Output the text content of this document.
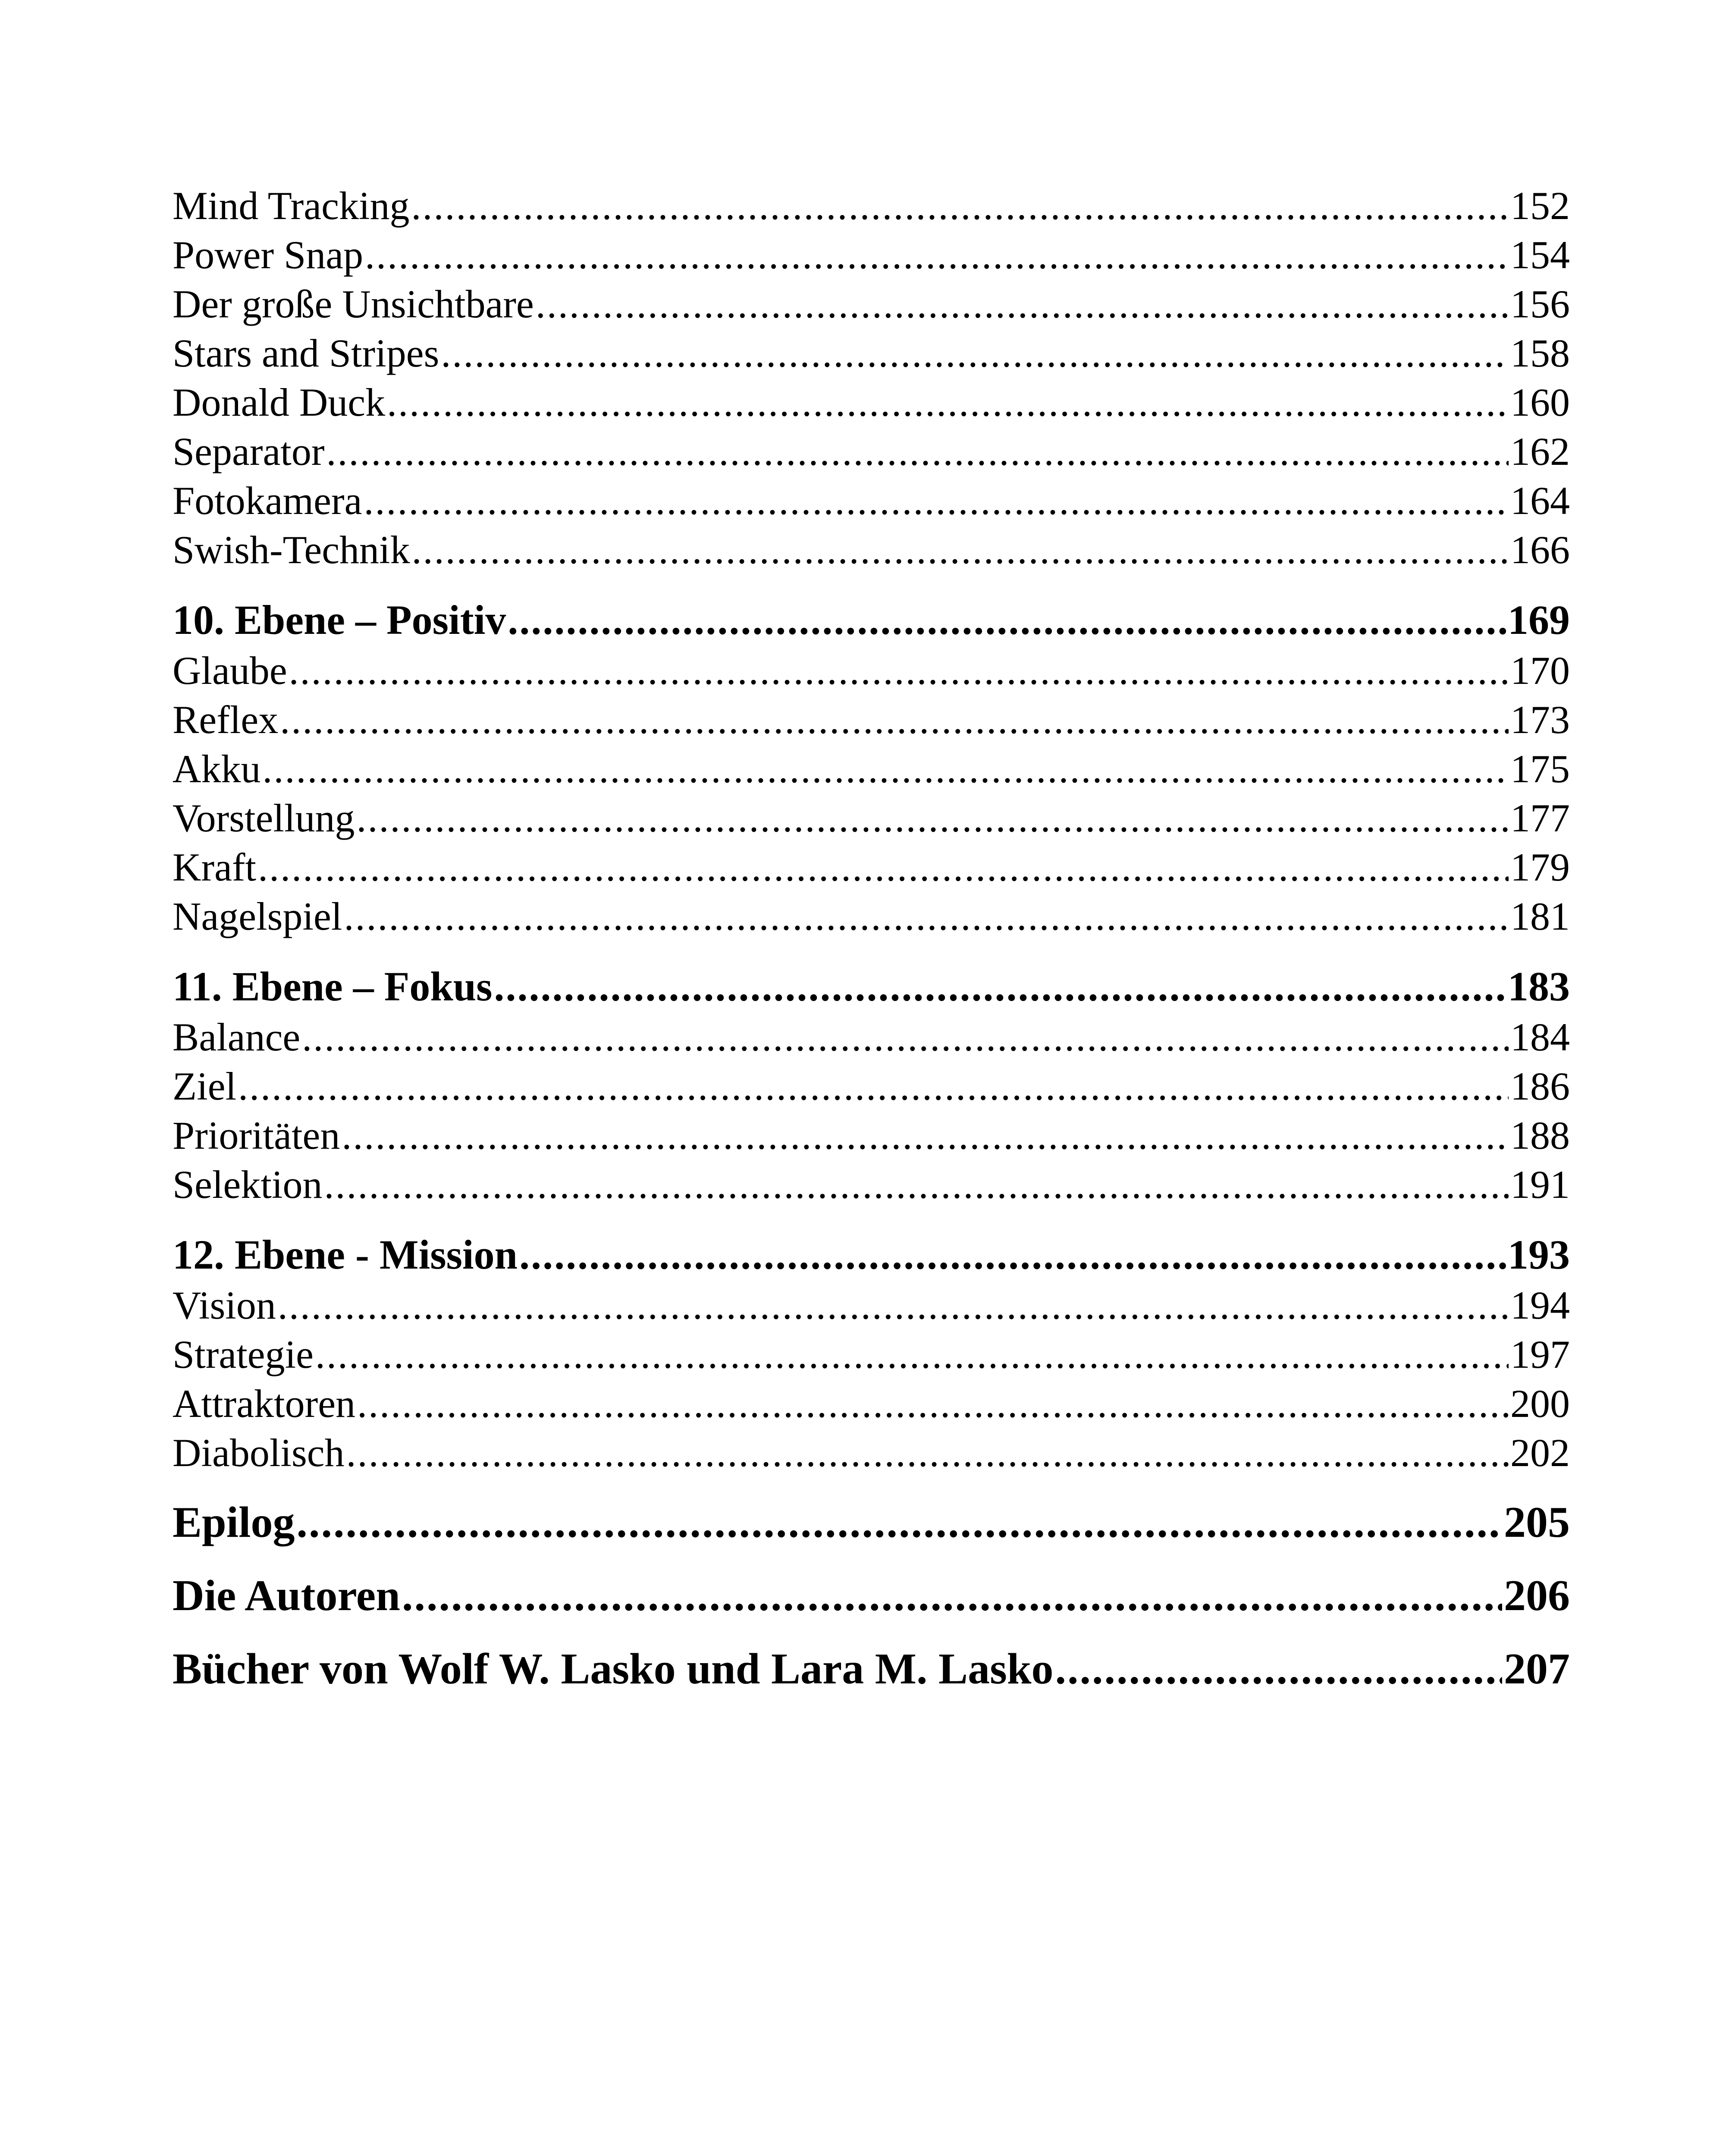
Mind Tracking .....	152
Power Snap .....	154
Der große Unsichtbare .....	156
Stars and Stripes .....	158
Donald Duck .....	160
Separator .....	162
Fotokamera .....	164
Swish-Technik .....	166
10. Ebene – Positiv .....	169
Glaube .....	170
Reflex .....	173
Akku .....	175
Vorstellung .....	177
Kraft .....	179
Nagelspiel .....	181
11. Ebene – Fokus .....	183
Balance .....	184
Ziel .....	186
Prioritäten .....	188
Selektion .....	191
12. Ebene - Mission .....	193
Vision .....	194
Strategie .....	197
Attraktoren .....	200
Diabolisch .....	202
Epilog .....	205
Die Autoren .....	206
Bücher von Wolf W. Lasko und Lara M. Lasko .....	207
